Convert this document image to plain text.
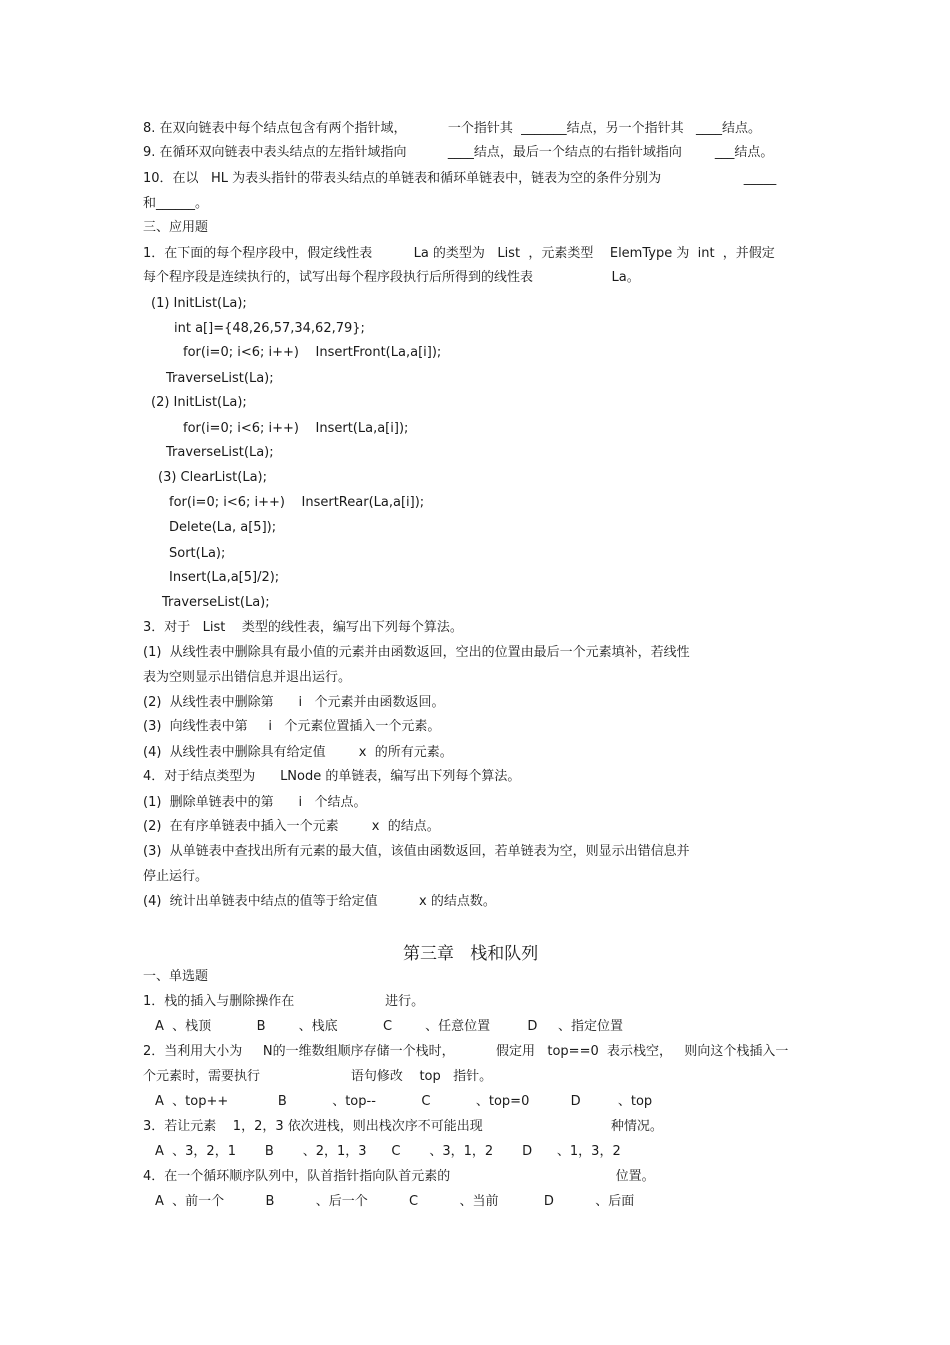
8. 在双向链表中每个结点包含有两个指针域，          一个指针其  _______结点，另一个指针其   ____结点。
9. 在循环双向链表中表头结点的左指针域指向          ____结点，最后一个结点的右指针域指向        ___结点。
10．在以   HL 为表头指针的带表头结点的单链表和循环单链表中，链表为空的条件分别为                    _____
和______。
三、应用题
1．在下面的每个程序段中，假定线性表          La 的类型为   List  ，元素类型    ElemType 为  int  ，并假定
每个程序段是连续执行的，试写出每个程序段执行后所得到的线性表                   La。
(1) InitList(La);
int a[]={48,26,57,34,62,79};
for(i=0; i<6; i++)    InsertFront(La,a[i]);
TraverseList(La);
(2) InitList(La);
for(i=0; i<6; i++)    Insert(La,a[i]);
TraverseList(La);
(3) ClearList(La);
for(i=0; i<6; i++)    InsertRear(La,a[i]);
Delete(La, a[5]);
Sort(La);
Insert(La,a[5]/2);
TraverseList(La);
3．对于   List    类型的线性表，编写出下列每个算法。
(1)  从线性表中删除具有最小值的元素并由函数返回，空出的位置由最后一个元素填补，若线性
表为空则显示出错信息并退出运行。
(2)  从线性表中删除第      i   个元素并由函数返回。
(3)  向线性表中第     i   个元素位置插入一个元素。
(4)  从线性表中删除具有给定值        x  的所有元素。
4．对于结点类型为      LNode 的单链表，编写出下列每个算法。
(1)  删除单链表中的第      i   个结点。
(2)  在有序单链表中插入一个元素        x  的结点。
(3)  从单链表中查找出所有元素的最大值，该值由函数返回，若单链表为空，则显示出错信息并
停止运行。
(4)  统计出单链表中结点的值等于给定值          x 的结点数。
第三章   栈和队列
一、单选题
1．栈的插入与删除操作在                      进行。
A  、栈顶           B        、栈底           C        、任意位置         D     、指定位置
2．当利用大小为     N的一维数组顺序存储一个栈时，          假定用   top==0  表示栈空，   则向这个栈插入一
个元素时，需要执行                      语句修改    top   指针。
A  、top++            B           、top--           C           、top=0          D         、top
3．若让元素    1，2，3 依次进栈，则出栈次序不可能出现                               种情况。
A  、3，2，1       B       、2，1，3      C       、3，1，2       D      、1，3，2
4．在一个循环顺序队列中，队首指针指向队首元素的                                        位置。
A  、前一个          B          、后一个          C          、当前           D          、后面
